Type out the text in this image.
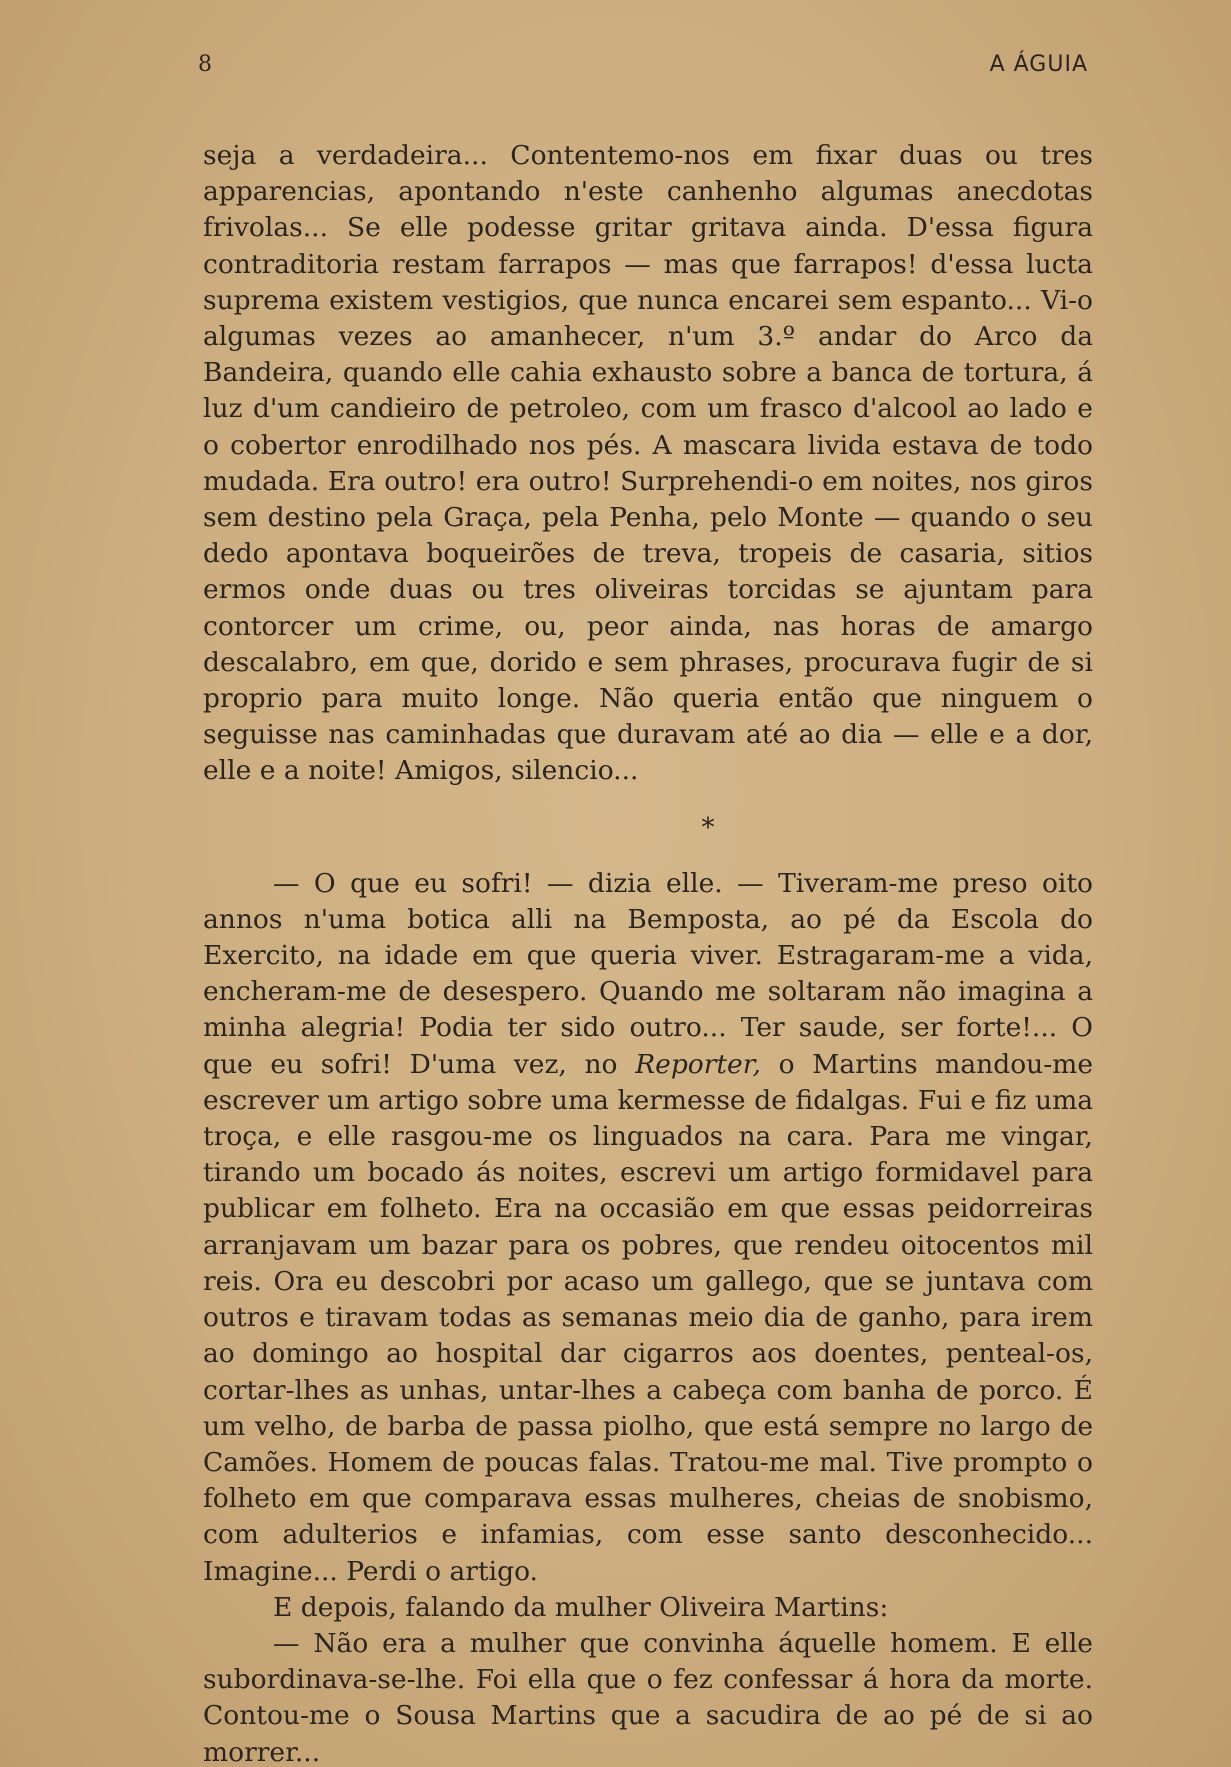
8	A ÁGUIA

seja a verdadeira... Contentemo-nos em fixar duas ou tres apparencias, apontando n'este canhenho algumas anecdotas frivolas... Se elle podesse gritar gritava ainda. D'essa figura contraditoria restam farrapos — mas que farrapos! d'essa lucta suprema existem vestigios, que nunca encarei sem espanto... Vi-o algumas vezes ao amanhecer, n'um 3.º andar do Arco da Bandeira, quando elle cahia exhausto sobre a banca de tortura, á luz d'um candieiro de petroleo, com um frasco d'alcool ao lado e o cobertor enrodilhado nos pés. A mascara livida estava de todo mudada. Era outro! era outro! Surprehendi-o em noites, nos giros sem destino pela Graça, pela Penha, pelo Monte — quando o seu dedo apontava boqueirões de treva, tropeis de casaria, sitios ermos onde duas ou tres oliveiras torcidas se ajuntam para contorcer um crime, ou, peor ainda, nas horas de amargo descalabro, em que, dorido e sem phrases, procurava fugir de si proprio para muito longe. Não queria então que ninguem o seguisse nas caminhadas que duravam até ao dia — elle e a dor, elle e a noite! Amigos, silencio...

*

— O que eu sofri! — dizia elle. — Tiveram-me preso oito annos n'uma botica alli na Bemposta, ao pé da Escola do Exercito, na idade em que queria viver. Estragaram-me a vida, encheram-me de desespero. Quando me soltaram não imagina a minha alegria! Podia ter sido outro... Ter saude, ser forte!... O que eu sofri! D'uma vez, no Reporter, o Martins mandou-me escrever um artigo sobre uma kermesse de fidalgas. Fui e fiz uma troça, e elle rasgou-me os linguados na cara. Para me vingar, tirando um bocado ás noites, escrevi um artigo formidavel para publicar em folheto. Era na occasião em que essas peidorreiras arranjavam um bazar para os pobres, que rendeu oitocentos mil reis. Ora eu descobri por acaso um gallego, que se juntava com outros e tiravam todas as semanas meio dia de ganho, para irem ao domingo ao hospital dar cigarros aos doentes, penteal-os, cortar-lhes as unhas, untar-lhes a cabeça com banha de porco. É um velho, de barba de passa piolho, que está sempre no largo de Camões. Homem de poucas falas. Tratou-me mal. Tive prompto o folheto em que comparava essas mulheres, cheias de snobismo, com adulterios e infamias, com esse santo desconhecido... Imagine... Perdi o artigo.

E depois, falando da mulher Oliveira Martins:

— Não era a mulher que convinha áquelle homem. E elle subordinava-se-lhe. Foi ella que o fez confessar á hora da morte. Contou-me o Sousa Martins que a sacudira de ao pé de si ao morrer...
